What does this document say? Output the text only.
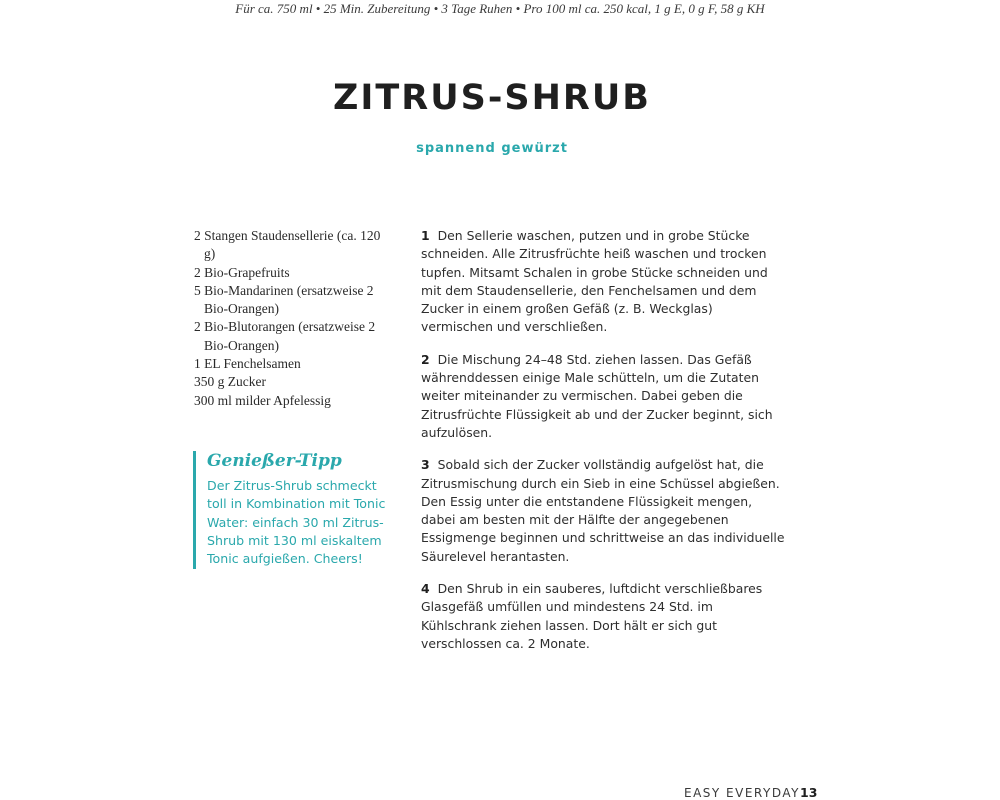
Für ca. 750 ml • 25 Min. Zubereitung • 3 Tage Ruhen • Pro 100 ml ca. 250 kcal, 1 g E, 0 g F, 58 g KH
ZITRUS-SHRUB
spannend gewürzt
2 Stangen Staudensellerie (ca. 120 g)
2 Bio-Grapefruits
5 Bio-Mandarinen (ersatzweise 2 Bio-Orangen)
2 Bio-Blutorangen (ersatzweise 2 Bio-Orangen)
1 EL Fenchelsamen
350 g Zucker
300 ml milder Apfelessig
Genießer-Tipp

Der Zitrus-Shrub schmeckt toll in Kombination mit Tonic Water: einfach 30 ml Zitrus-Shrub mit 130 ml eiskaltem Tonic aufgießen. Cheers!

1 Den Sellerie waschen, putzen und in grobe Stücke schneiden. Alle Zitrusfrüchte heiß waschen und trocken tupfen. Mitsamt Schalen in grobe Stücke schneiden und mit dem Staudensellerie, den Fenchelsamen und dem Zucker in einem großen Gefäß (z. B. Weckglas) vermischen und verschließen.

2 Die Mischung 24–48 Std. ziehen lassen. Das Gefäß währenddessen einige Male schütteln, um die Zutaten weiter miteinander zu vermischen. Dabei geben die Zitrusfrüchte Flüssigkeit ab und der Zucker beginnt, sich aufzulösen.

3 Sobald sich der Zucker vollständig aufgelöst hat, die Zitrusmischung durch ein Sieb in eine Schüssel abgießen. Den Essig unter die entstandene Flüssigkeit mengen, dabei am besten mit der Hälfte der angegebenen Essigmenge beginnen und schrittweise an das individuelle Säurelevel herantasten.

4 Den Shrub in ein sauberes, luftdicht verschließbares Glasgefäß umfüllen und mindestens 24 Std. im Kühlschrank ziehen lassen. Dort hält er sich gut verschlossen ca. 2 Monate.

EASY EVERYDAY 13
